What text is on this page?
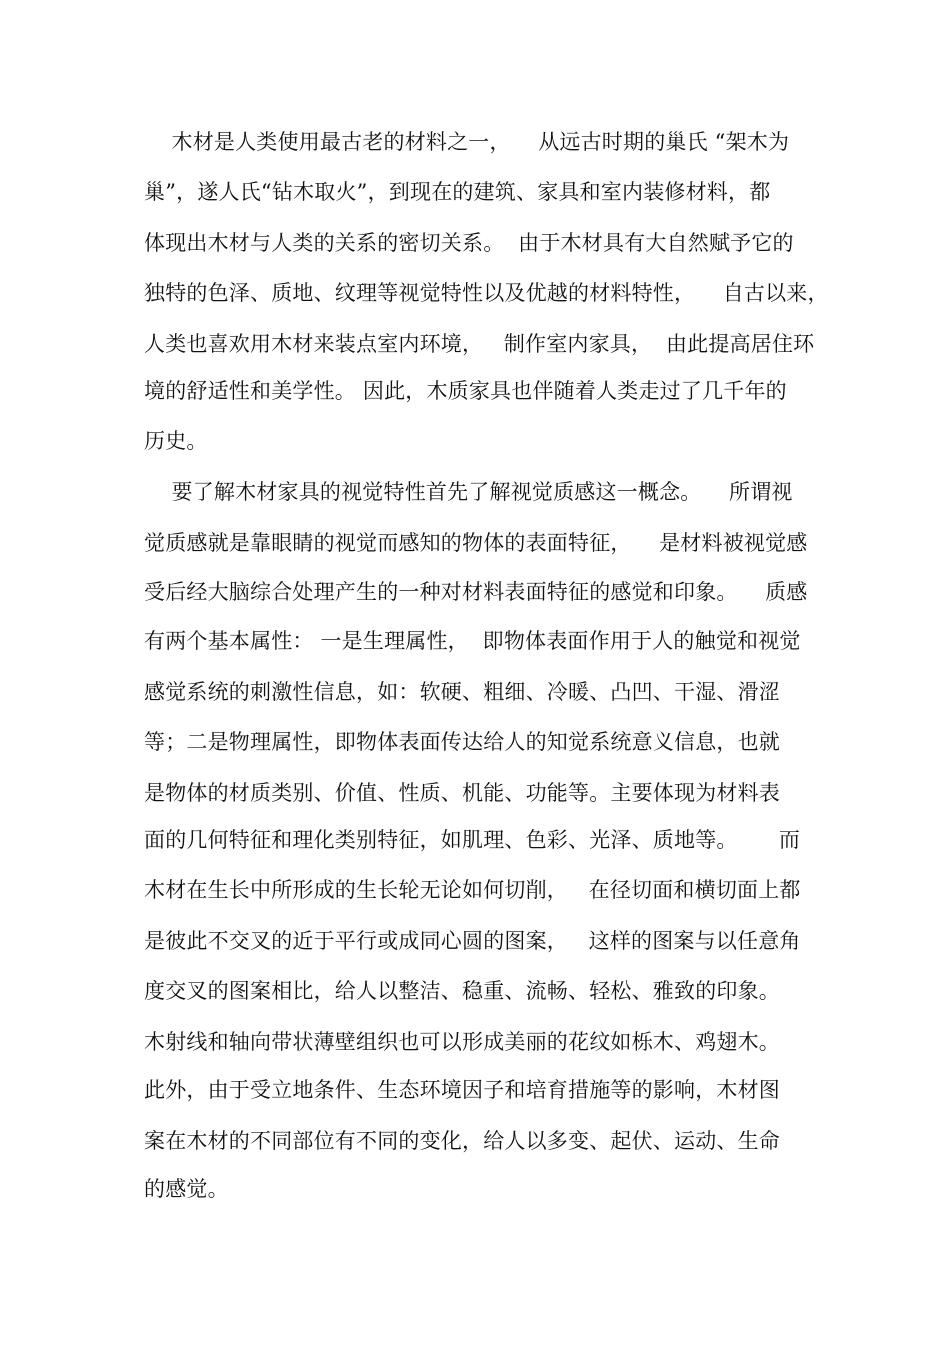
木材是人类使用最古老的材料之一，    从远古时期的巢氏 “架木为
巢”，遂人氏“钻木取火”，到现在的建筑、家具和室内装修材料，都
体现出木材与人类的关系的密切关系。  由于木材具有大自然赋予它的
独特的色泽、质地、纹理等视觉特性以及优越的材料特性，    自古以来，
人类也喜欢用木材来装点室内环境，   制作室内家具，  由此提高居住环
境的舒适性和美学性。 因此，木质家具也伴随着人类走过了几千年的
历史。
要了解木材家具的视觉特性首先了解视觉质感这一概念。    所谓视
觉质感就是靠眼睛的视觉而感知的物体的表面特征，    是材料被视觉感
受后经大脑综合处理产生的一种对材料表面特征的感觉和印象。    质感
有两个基本属性： 一是生理属性，  即物体表面作用于人的触觉和视觉
感觉系统的刺激性信息，如：软硬、粗细、冷暖、凸凹、干湿、滑涩
等；二是物理属性，即物体表面传达给人的知觉系统意义信息，也就
是物体的材质类别、价值、性质、机能、功能等。主要体现为材料表
面的几何特征和理化类别特征，如肌理、色彩、光泽、质地等。      而
木材在生长中所形成的生长轮无论如何切削，   在径切面和横切面上都
是彼此不交叉的近于平行或成同心圆的图案，   这样的图案与以任意角
度交叉的图案相比，给人以整洁、稳重、流畅、轻松、雅致的印象。
木射线和轴向带状薄壁组织也可以形成美丽的花纹如栎木、鸡翅木。
此外，由于受立地条件、生态环境因子和培育措施等的影响，木材图
案在木材的不同部位有不同的变化，给人以多变、起伏、运动、生命
的感觉。
